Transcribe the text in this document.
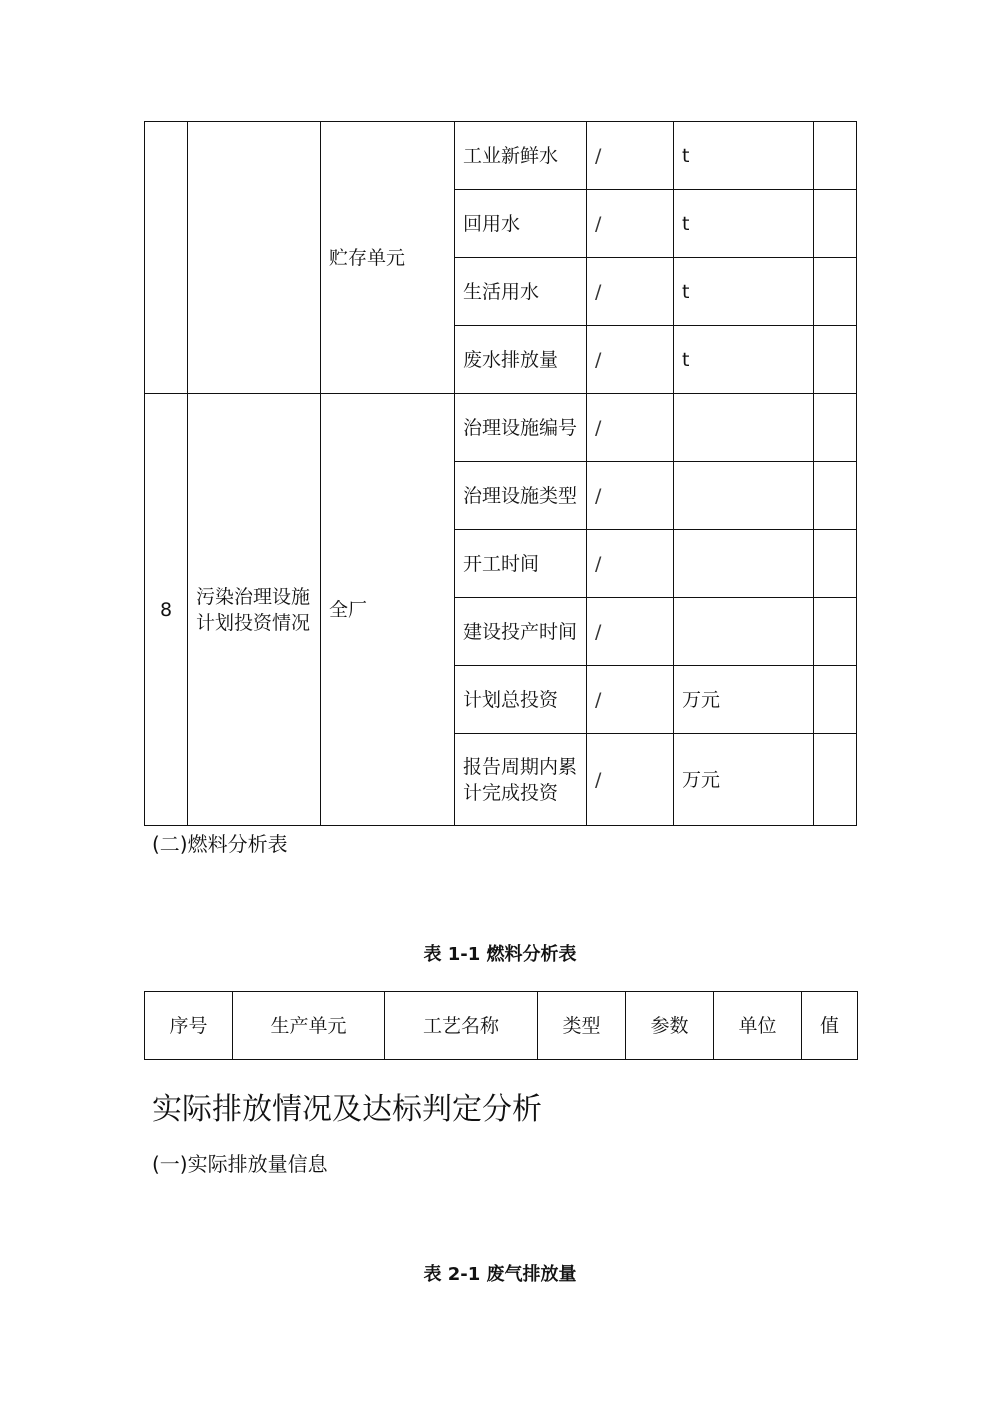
		贮存单元	工业新鲜水	/	t	
			回用水	/	t	
			生活用水	/	t	
			废水排放量	/	t	
8	污染治理设施计划投资情况	全厂	治理设施编号	/		
			治理设施类型	/		
			开工时间	/		
			建设投产时间	/		
			计划总投资	/	万元	
			报告周期内累计完成投资	/	万元	
(二)燃料分析表
表 1-1 燃料分析表
序号	生产单元	工艺名称	类型	参数	单位	值
实际排放情况及达标判定分析
(一)实际排放量信息
表 2-1 废气排放量
